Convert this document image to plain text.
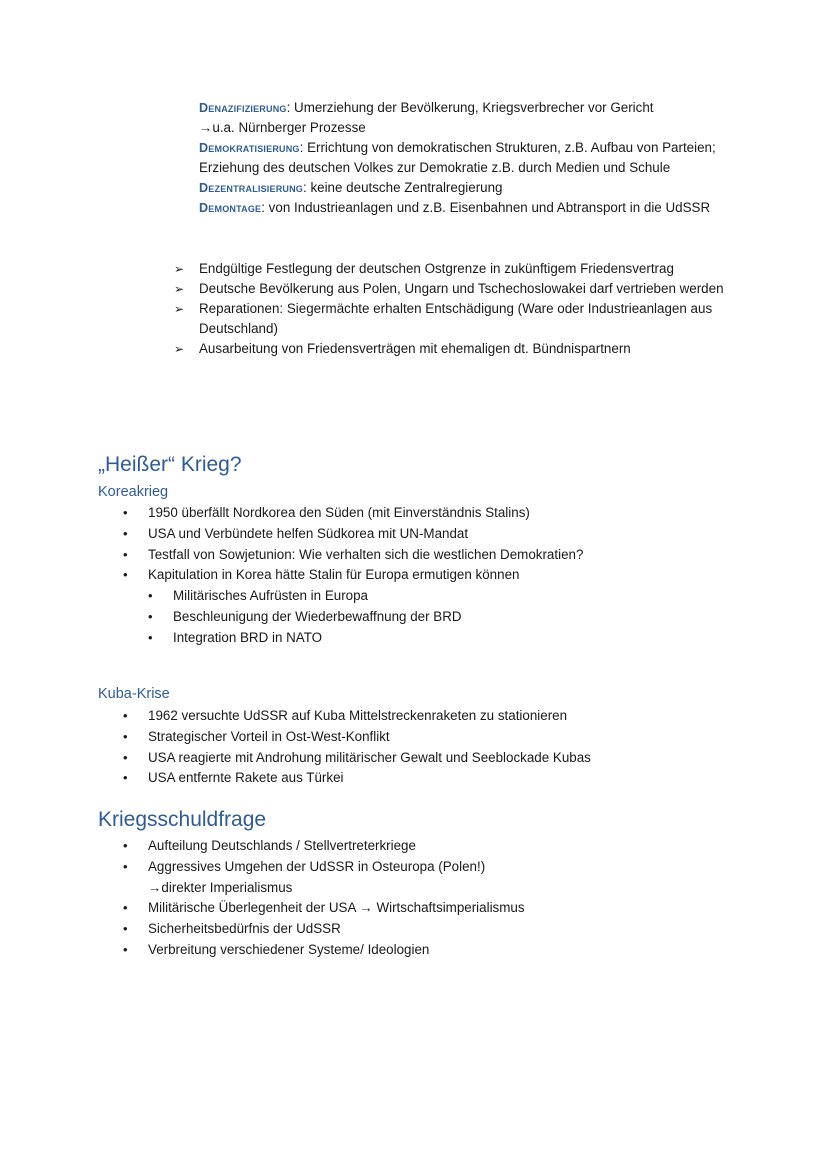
Denazifizierung: Umerziehung der Bevölkerung, Kriegsverbrecher vor Gericht
→u.a. Nürnberger Prozesse
Demokratisierung: Errichtung von demokratischen Strukturen, z.B. Aufbau von Parteien; Erziehung des deutschen Volkes zur Demokratie z.B. durch Medien und Schule
Dezentralisierung: keine deutsche Zentralregierung
Demontage: von Industrieanlagen und z.B. Eisenbahnen und Abtransport in die UdSSR
➢ Endgültige Festlegung der deutschen Ostgrenze in zukünftigem Friedensvertrag
➢ Deutsche Bevölkerung aus Polen, Ungarn und Tschechoslowakei darf vertrieben werden
➢ Reparationen: Siegermächte erhalten Entschädigung (Ware oder Industrieanlagen aus Deutschland)
➢ Ausarbeitung von Friedensverträgen mit ehemaligen dt. Bündnispartnern
„Heißer“ Krieg?
Koreakrieg
• 1950 überfällt Nordkorea den Süden (mit Einverständnis Stalins)
• USA und Verbündete helfen Südkorea mit UN-Mandat
• Testfall von Sowjetunion: Wie verhalten sich die westlichen Demokratien?
• Kapitulation in Korea hätte Stalin für Europa ermutigen können
• Militärisches Aufrüsten in Europa
• Beschleunigung der Wiederbewaffnung der BRD
• Integration BRD in NATO
Kuba-Krise
• 1962 versuchte UdSSR auf Kuba Mittelstreckenraketen zu stationieren
• Strategischer Vorteil in Ost-West-Konflikt
• USA reagierte mit Androhung militärischer Gewalt und Seeblockade Kubas
• USA entfernte Rakete aus Türkei
Kriegsschuldfrage
• Aufteilung Deutschlands / Stellvertreterkriege
• Aggressives Umgehen der UdSSR in Osteuropa (Polen!)
→direkter Imperialismus
• Militärische Überlegenheit der USA → Wirtschaftsimperialismus
• Sicherheitsbedürfnis der UdSSR
• Verbreitung verschiedener Systeme/ Ideologien
